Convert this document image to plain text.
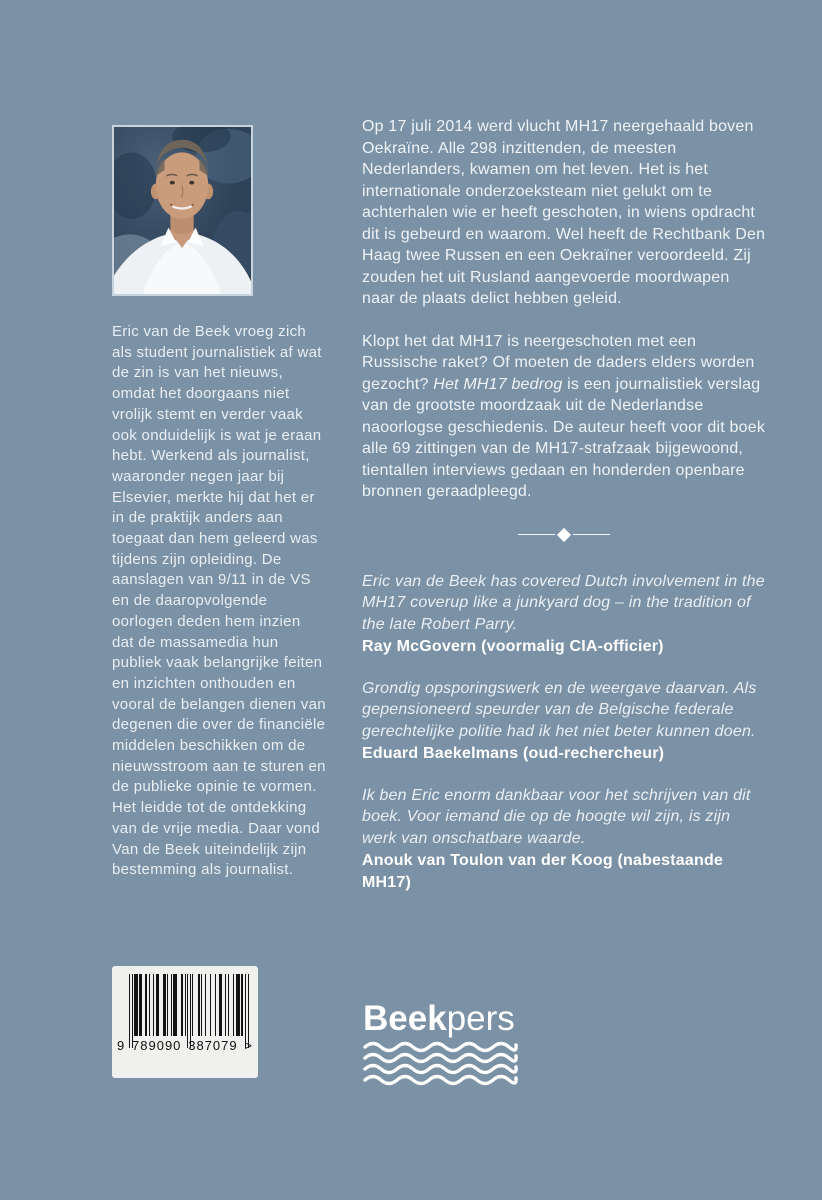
Eric van de Beek vroeg zich als student journalistiek af wat de zin is van het nieuws, omdat het doorgaans niet vrolijk stemt en verder vaak ook onduidelijk is wat je eraan hebt. Werkend als journalist, waaronder negen jaar bij Elsevier, merkte hij dat het er in de praktijk anders aan toegaat dan hem geleerd was tijdens zijn opleiding. De aanslagen van 9/11 in de VS en de daaropvolgende oorlogen deden hem inzien dat de massamedia hun publiek vaak belangrijke feiten en inzichten onthouden en vooral de belangen dienen van degenen die over de financiële middelen beschikken om de nieuwsstroom aan te sturen en de publieke opinie te vormen. Het leidde tot de ontdekking van de vrije media. Daar vond Van de Beek uiteindelijk zijn bestemming als journalist.

Op 17 juli 2014 werd vlucht MH17 neergehaald boven Oekraïne. Alle 298 inzittenden, de meesten Nederlanders, kwamen om het leven. Het is het internationale onderzoeksteam niet gelukt om te achterhalen wie er heeft geschoten, in wiens opdracht dit is gebeurd en waarom. Wel heeft de Rechtbank Den Haag twee Russen en een Oekraïner veroordeeld. Zij zouden het uit Rusland aangevoerde moordwapen naar de plaats delict hebben geleid.

Klopt het dat MH17 is neergeschoten met een Russische raket? Of moeten de daders elders worden gezocht? Het MH17 bedrog is een journalistiek verslag van de grootste moordzaak uit de Nederlandse naoorlogse geschiedenis. De auteur heeft voor dit boek alle 69 zittingen van de MH17-strafzaak bijgewoond, tientallen interviews gedaan en honderden openbare bronnen geraadpleegd.

Eric van de Beek has covered Dutch involvement in the MH17 coverup like a junkyard dog – in the tradition of the late Robert Parry.
Ray McGovern (voormalig CIA-officier)
Grondig opsporingswerk en de weergave daarvan. Als gepensioneerd speurder van de Belgische federale gerechtelijke politie had ik het niet beter kunnen doen.
Eduard Baekelmans (oud-rechercheur)
Ik ben Eric enorm dankbaar voor het schrijven van dit boek. Voor iemand die op de hoogte wil zijn, is zijn werk van onschatbare waarde.
Anouk van Toulon van der Koog (nabestaande MH17)
9 789090 387079 >
Beekpers
